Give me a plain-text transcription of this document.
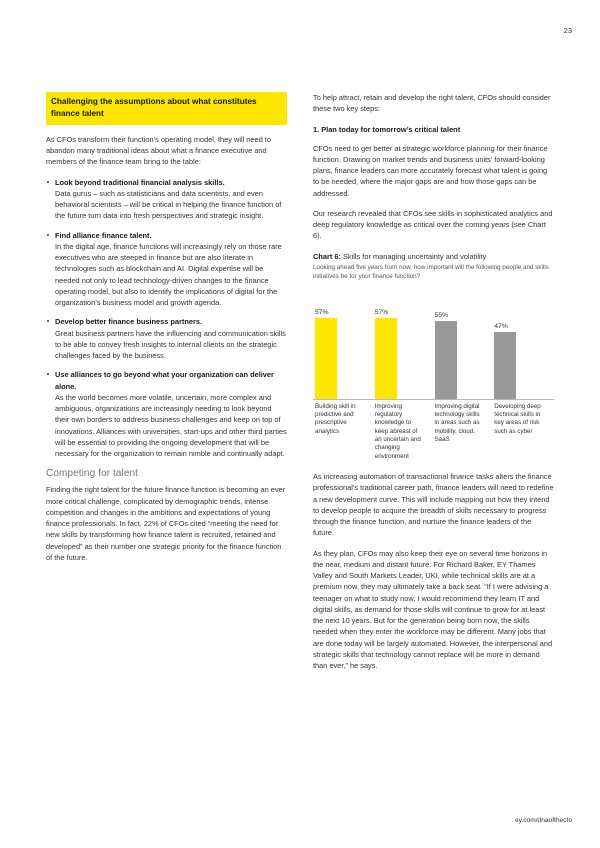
23
Challenging the assumptions about what constitutes finance talent

As CFOs transform their function’s operating model, they will need to abandon many traditional ideas about what a finance executive and members of the finance team bring to the table:

Look beyond traditional financial analysis skills.
Data gurus – such as statisticians and data scientists, and even behavioral scientists – will be critical in helping the finance function of the future turn data into fresh perspectives and strategic insight.
Find alliance finance talent.
In the digital age, finance functions will increasingly rely on those rare executives who are steeped in finance but are also literate in technologies such as blockchain and AI. Digital expertise will be needed not only to lead technology-driven changes to the finance operating model, but also to identify the implications of digital for the organization’s business model and growth agenda.
Develop better finance business partners.
Great business partners have the influencing and communication skills to be able to convey fresh insights to internal clients on the strategic challenges faced by the business.
Use alliances to go beyond what your organization can deliver alone.
As the world becomes more volatile, uncertain, more complex and ambiguous, organizations are increasingly needing to look beyond their own borders to address business challenges and keep on top of innovations. Alliances with universities, start-ups and other third parties will be essential to providing the ongoing development that will be necessary for the organization to remain nimble and continually adapt.
Competing for talent

Finding the right talent for the future finance function is becoming an ever more critical challenge, complicated by demographic trends, intense competition and changes in the ambitions and expectations of young finance professionals. In fact, 22% of CFOs cited “meeting the need for new skills by transforming how finance talent is recruited, retained and developed” as their number one strategic priority for the finance function of the future.

To help attract, retain and develop the right talent, CFOs should consider these two key steps:

1. Plan today for tomorrow’s critical talent

CFOs need to get better at strategic workforce planning for their finance function. Drawing on market trends and business units’ forward-looking plans, finance leaders can more accurately forecast what talent is going to be needed, where the major gaps are and how those gaps can be addressed.

Our research revealed that CFOs see skills in sophisticated analytics and deep regulatory knowledge as critical over the coming years (see Chart 6).

Chart 6: Skills for managing uncertainty and volatility
Looking ahead five years from now, how important will the following people and skills initiatives be for your finance function?
57%	57%	55%
47%
Building skill in predictive and prescriptive analytics
Improving regulatory knowledge to keep abreast of an uncertain and changing environment
Improving digital technology skills in areas such as mobility, cloud, SaaS
Developing deep technical skills in key areas of risk such as cyber

As increasing automation of transactional finance tasks alters the finance professional’s traditional career path, finance leaders will need to redefine a new development curve. This will include mapping out how they intend to develop people to acquire the breadth of skills necessary to progress through the finance function, and nurture the finance leaders of the future.

As they plan, CFOs may also keep their eye on several time horizons in the near, medium and distant future. For Richard Baker, EY Thames Valley and South Markets Leader, UKI, while technical skills are at a premium now, they may ultimately take a back seat. “If I were advising a teenager on what to study now, I would recommend they learn IT and digital skills, as demand for those skills will continue to grow for at least the next 10 years. But for the generation being born now, the skills needed when they enter the workforce may be different. Many jobs that are done today will be largely automated. However, the interpersonal and strategic skills that technology cannot replace will be more in demand than ever,” he says.

ey.com/dnaofthecfo
